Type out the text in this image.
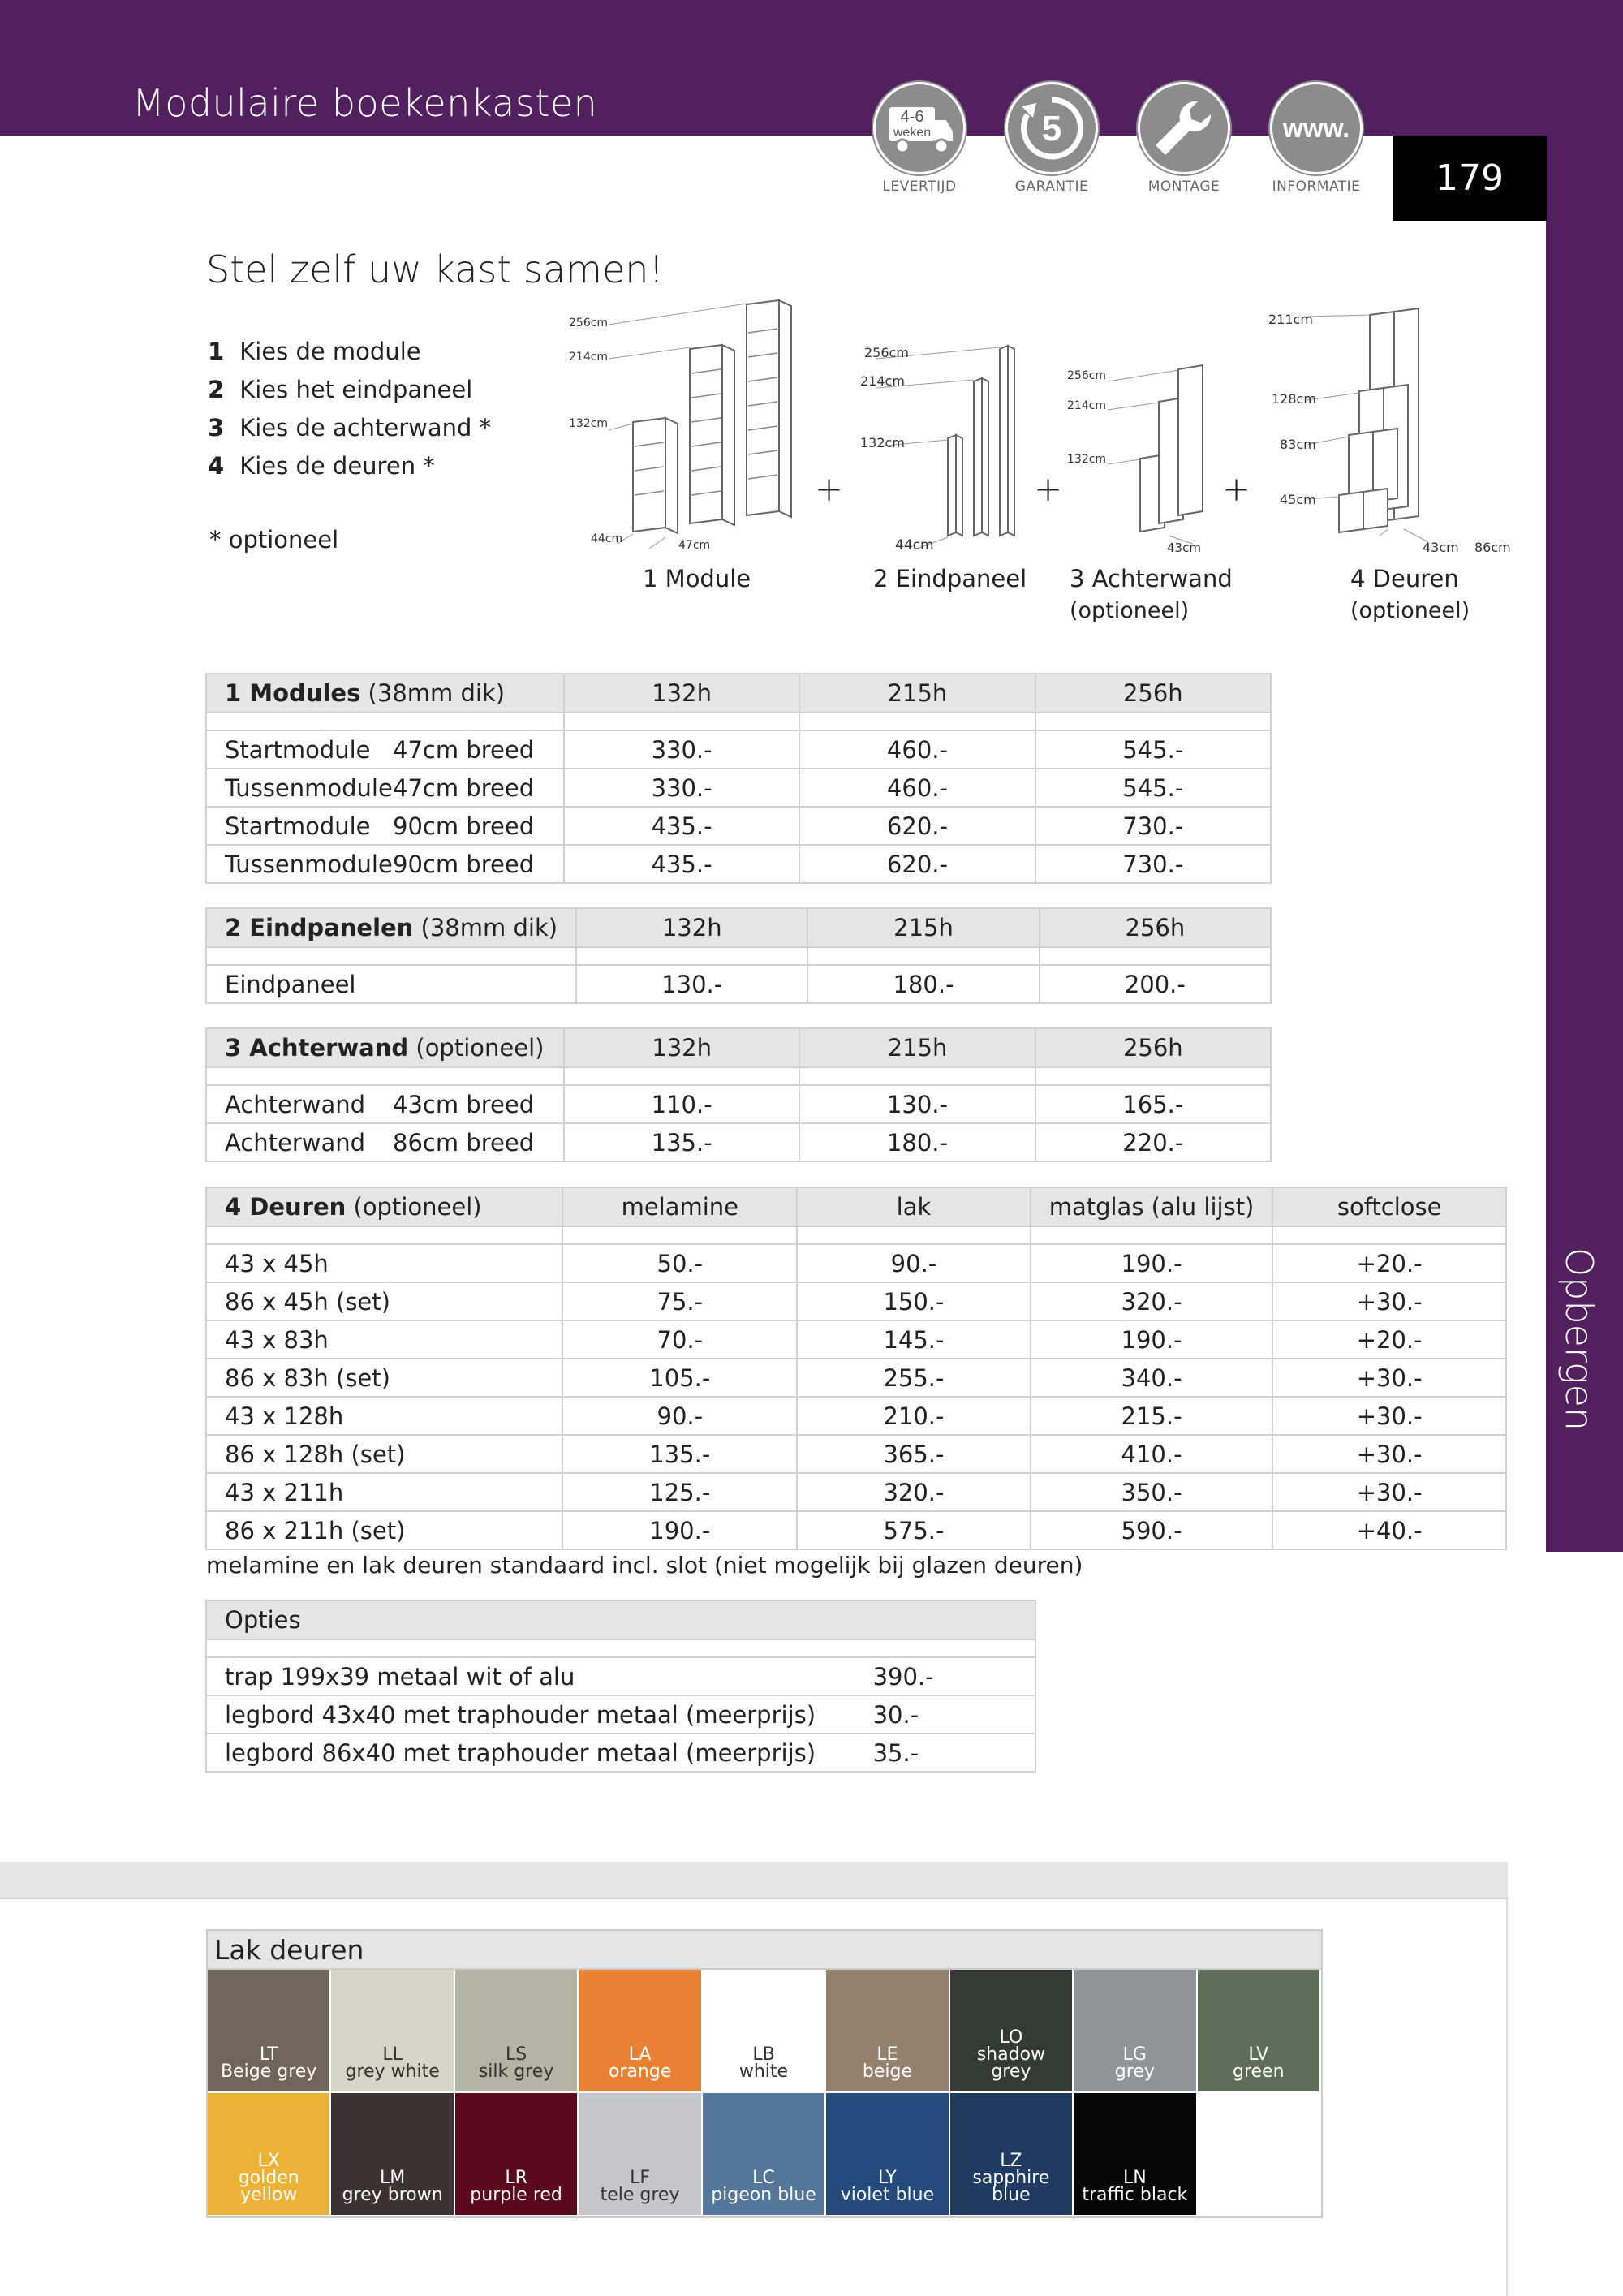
Modulaire boekenkasten
Opbergen
179
4-6
weken
LEVERTIJD
5
GARANTIE	MONTAGE
www.
INFORMATIE
Stel zelf uw kast samen!
1 Kies de module
2 Kies het eindpaneel
3 Kies de achterwand *
4 Kies de deuren *
* optioneel
256cm
214cm
132cm
44cm	47cm
256cm
214cm
132cm
44cm
256cm
214cm
132cm
43cm
211cm
128cm
83cm
45cm
43cm 86cm
+	+	+
1 Module	2 Eindpaneel 3 Achterwand
(optioneel)
4 Deuren
(optioneel)
1 Modules (38mm dik)	132h	215h	256h

Startmodule 47cm breed	330.-	460.-	545.-
Tussenmodule47cm breed	330.-	460.-	545.-
Startmodule 90cm breed	435.-	620.-	730.-
Tussenmodule90cm breed	435.-	620.-	730.-
2 Eindpanelen (38mm dik)	132h	215h	256h

Eindpaneel	130.-	180.-	200.-
3 Achterwand (optioneel)	132h	215h	256h

Achterwand 43cm breed	110.-	130.-	165.-
Achterwand 86cm breed	135.-	180.-	220.-
4 Deuren (optioneel)	melamine	lak	matglas (alu lijst)	softclose

43 x 45h	50.-	90.-	190.-	+20.-
86 x 45h (set)	75.-	150.-	320.-	+30.-
43 x 83h	70.-	145.-	190.-	+20.-
86 x 83h (set)	105.-	255.-	340.-	+30.-
43 x 128h	90.-	210.-	215.-	+30.-
86 x 128h (set)	135.-	365.-	410.-	+30.-
43 x 211h	125.-	320.-	350.-	+30.-
86 x 211h (set)	190.-	575.-	590.-	+40.-
melamine en lak deuren standaard incl. slot (niet mogelijk bij glazen deuren)
Opties	

trap 199x39 metaal wit of alu	390.-
legbord 43x40 met traphouder metaal (meerprijs)	30.-
legbord 86x40 met traphouder metaal (meerprijs)	35.-
Lak deuren
LT
Beige grey
LL
grey white
LS
silk grey
LA
orange
LB
white
LE
beige
LO
shadow grey
LG
grey
LV
green
LX
golden yellow
LM
grey brown
LR
purple red
LF
tele grey
LC
pigeon blue
LY
violet blue
LZ
sapphire blue
LN
traffic black
